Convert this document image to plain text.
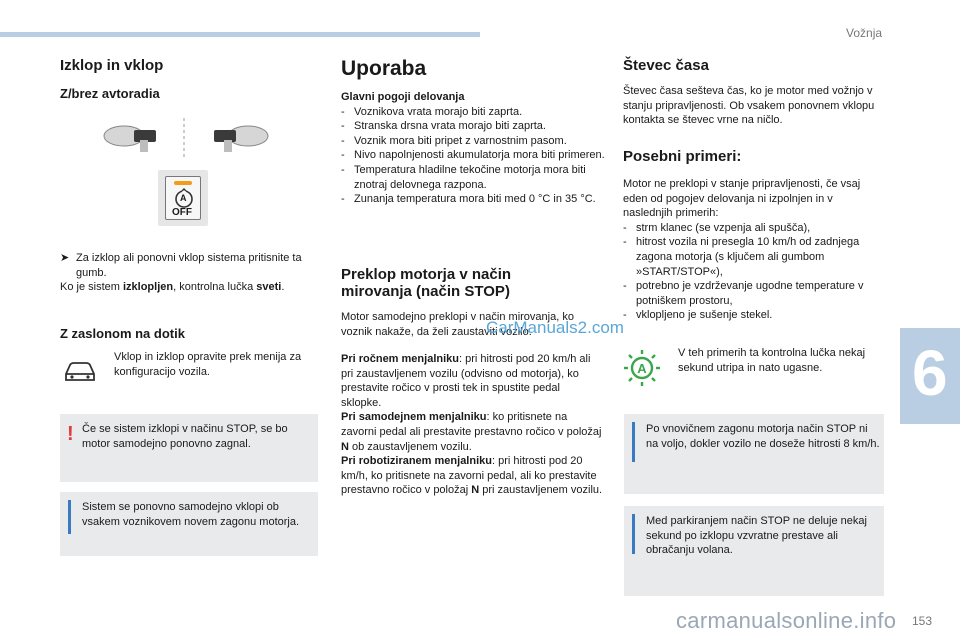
Vožnja
6
Izklop in vklop
Z/brez avtoradia
A
OFF
➤ Za izklop ali ponovni vklop sistema pritisnite ta gumb.
Ko je sistem izklopljen, kontrolna lučka sveti.
Z zaslonom na dotik
Vklop in izklop opravite prek menija za konfiguracijo vozila.
! Če se sistem izklopi v načinu STOP, se bo motor samodejno ponovno zagnal.
Sistem se ponovno samodejno vklopi ob vsakem voznikovem novem zagonu motorja.
Uporaba
Glavni pogoji delovanja
- Voznikova vrata morajo biti zaprta.
- Stranska drsna vrata morajo biti zaprta.
- Voznik mora biti pripet z varnostnim pasom.
- Nivo napolnjenosti akumulatorja mora biti primeren.
- Temperatura hladilne tekočine motorja mora biti znotraj delovnega razpona.
- Zunanja temperatura mora biti med 0 °C in 35 °C.
Preklop motorja v način
mirovanja (način STOP)
Motor samodejno preklopi v način mirovanja, ko voznik nakaže, da želi zaustaviti vozilo.
Pri ročnem menjalniku: pri hitrosti pod 20 km/h ali pri zaustavljenem vozilu (odvisno od motorja), ko prestavite ročico v prosti tek in spustite pedal sklopke.
Pri samodejnem menjalniku: ko pritisnete na zavorni pedal ali prestavite prestavno ročico v položaj N ob zaustavljenem vozilu.
Pri robotiziranem menjalniku: pri hitrosti pod 20 km/h, ko pritisnete na zavorni pedal, ali ko prestavite prestavno ročico v položaj N pri zaustavljenem vozilu.
CarManuals2.com
Števec časa
Števec časa sešteva čas, ko je motor med vožnjo v stanju pripravljenosti. Ob vsakem ponovnem vklopu kontakta se števec vrne na ničlo.
Posebni primeri:
Motor ne preklopi v stanje pripravljenosti, če vsaj eden od pogojev delovanja ni izpolnjen in v naslednjih primerih:
- strm klanec (se vzpenja ali spušča),
- hitrost vozila ni presegla 10 km/h od zadnjega zagona motorja (s ključem ali gumbom »START/STOP«),
- potrebno je vzdrževanje ugodne temperature v potniškem prostoru,
- vklopljeno je sušenje stekel.
A
V teh primerih ta kontrolna lučka nekaj sekund utripa in nato ugasne.
Po vnovičnem zagonu motorja način STOP ni na voljo, dokler vozilo ne doseže hitrosti 8 km/h.
Med parkiranjem način STOP ne deluje nekaj sekund po izklopu vzvratne prestave ali obračanju volana.
carmanualsonline.info 153
